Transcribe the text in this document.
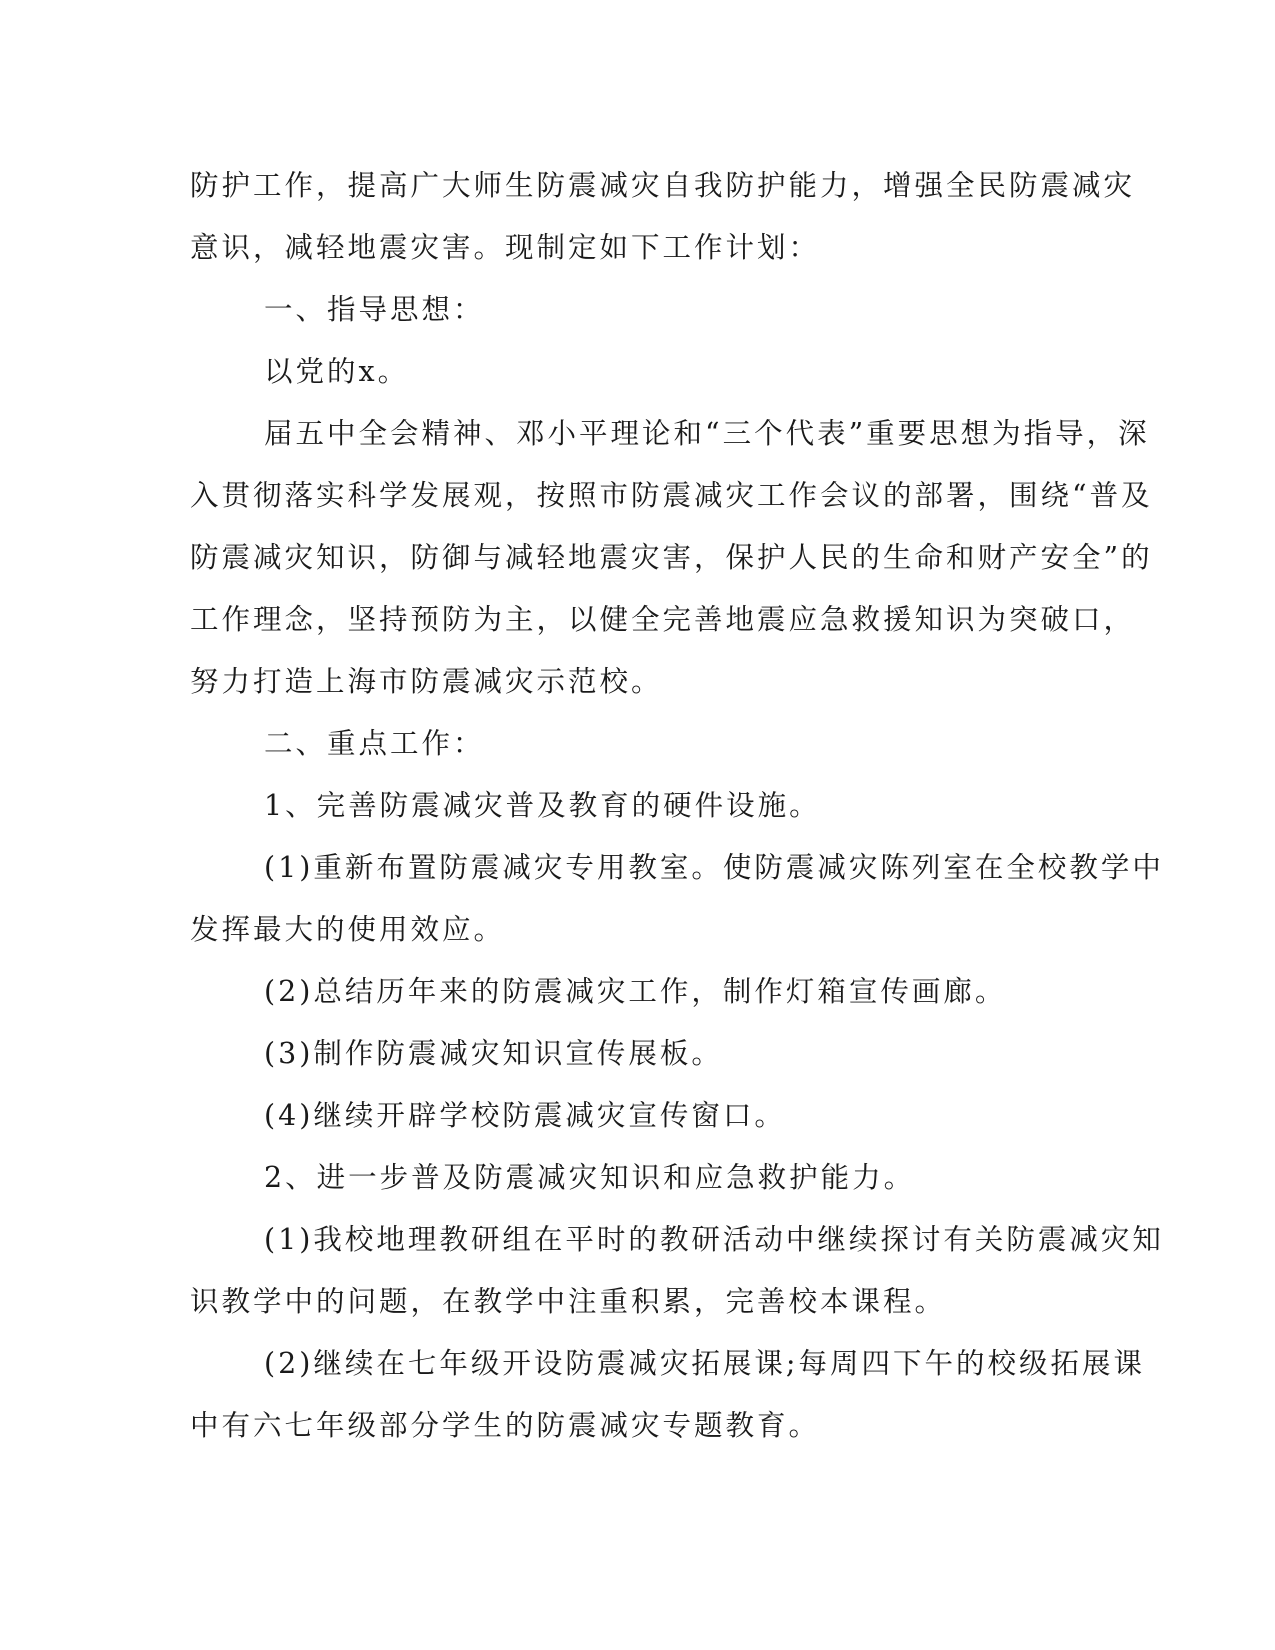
防护工作，提高广大师生防震减灾自我防护能力，增强全民防震减灾
意识，减轻地震灾害。现制定如下工作计划：
一、指导思想：
以党的x。
届五中全会精神、邓小平理论和“三个代表”重要思想为指导，深
入贯彻落实科学发展观，按照市防震减灾工作会议的部署，围绕“普及
防震减灾知识，防御与减轻地震灾害，保护人民的生命和财产安全”的
工作理念，坚持预防为主，以健全完善地震应急救援知识为突破口，
努力打造上海市防震减灾示范校。
二、重点工作：
1、完善防震减灾普及教育的硬件设施。
(1)重新布置防震减灾专用教室。使防震减灾陈列室在全校教学中
发挥最大的使用效应。
(2)总结历年来的防震减灾工作，制作灯箱宣传画廊。
(3)制作防震减灾知识宣传展板。
(4)继续开辟学校防震减灾宣传窗口。
2、进一步普及防震减灾知识和应急救护能力。
(1)我校地理教研组在平时的教研活动中继续探讨有关防震减灾知
识教学中的问题，在教学中注重积累，完善校本课程。
(2)继续在七年级开设防震减灾拓展课;每周四下午的校级拓展课
中有六七年级部分学生的防震减灾专题教育。
